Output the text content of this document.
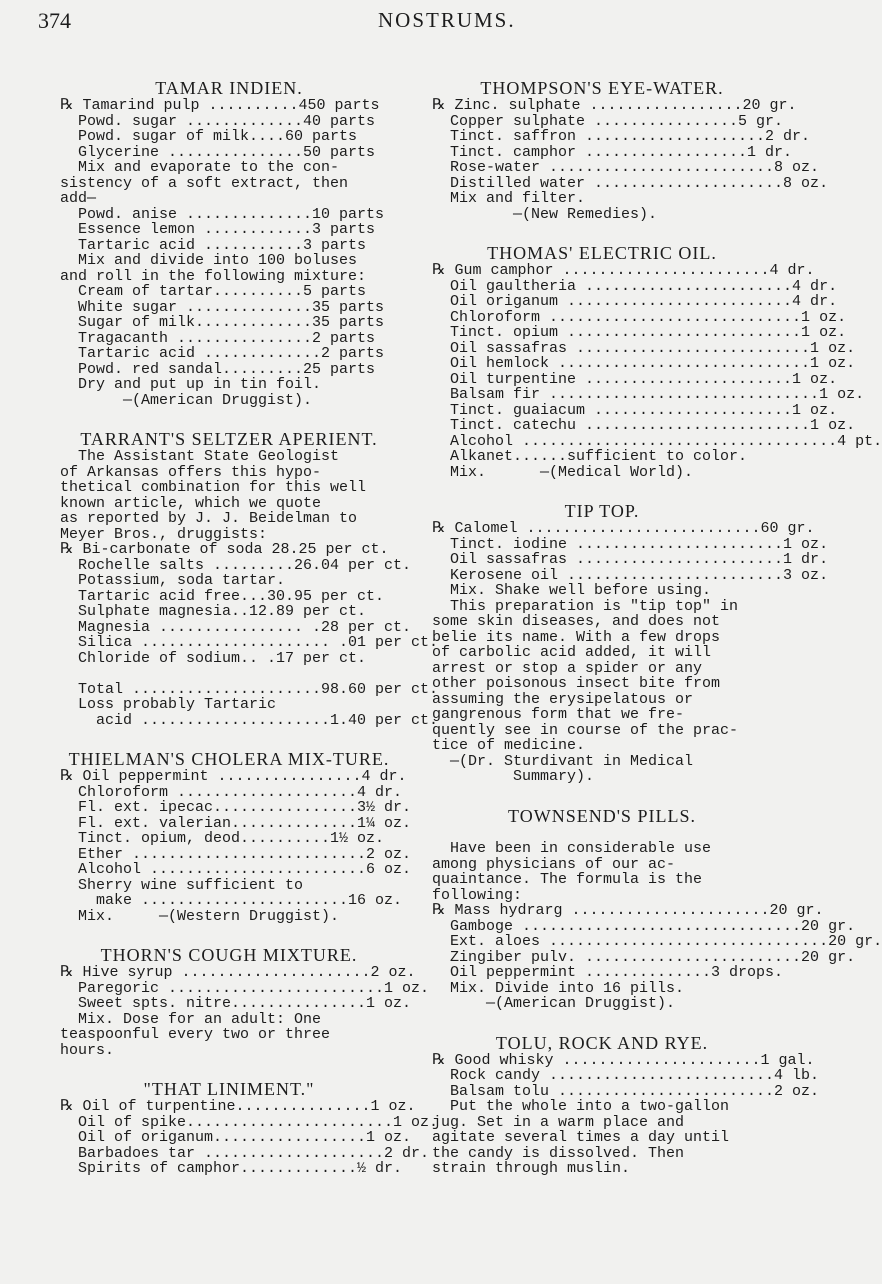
374	NOSTRUMS.
TAMAR INDIEN.
℞ Tamarind pulp ..........450 parts
Powd. sugar .............40 parts
Powd. sugar of milk....60 parts
Glycerine ...............50 parts
Mix and evaporate to the con-
sistency of a soft extract, then
add—
Powd. anise ..............10 parts
Essence lemon ............3 parts
Tartaric acid ...........3 parts
Mix and divide into 100 boluses
and roll in the following mixture:
Cream of tartar..........5 parts
White sugar ..............35 parts
Sugar of milk.............35 parts
Tragacanth ...............2 parts
Tartaric acid .............2 parts
Powd. red sandal.........25 parts
Dry and put up in tin foil.
—(American Druggist).
TARRANT'S SELTZER APERIENT.
The Assistant State Geologist
of Arkansas offers this hypo-
thetical combination for this well
known article, which we quote
as reported by J. J. Beidelman to
Meyer Bros., druggists:
℞ Bi-carbonate of soda 28.25 per ct.
Rochelle salts .........26.04 per ct.
Potassium, soda tartar.
Tartaric acid free...30.95 per ct.
Sulphate magnesia..12.89 per ct.
Magnesia ................ .28 per ct.
Silica ..................... .01 per ct.
Chloride of sodium.. .17 per ct.

Total .....................98.60 per ct.
Loss probably Tartaric
acid .....................1.40 per ct.
THIELMAN'S CHOLERA MIX-TURE.
℞ Oil peppermint ................4 dr.
Chloroform ....................4 dr.
Fl. ext. ipecac................3½ dr.
Fl. ext. valerian..............1¼ oz.
Tinct. opium, deod..........1½ oz.
Ether ..........................2 oz.
Alcohol ........................6 oz.
Sherry wine sufficient to
make .......................16 oz.
Mix.     —(Western Druggist).
THORN'S COUGH MIXTURE.
℞ Hive syrup .....................2 oz.
Paregoric ........................1 oz.
Sweet spts. nitre...............1 oz.
Mix. Dose for an adult: One
teaspoonful every two or three
hours.
"THAT LINIMENT."
℞ Oil of turpentine...............1 oz.
Oil of spike.......................1 oz.
Oil of origanum.................1 oz.
Barbadoes tar ....................2 dr.
Spirits of camphor.............½ dr.
THOMPSON'S EYE-WATER.
℞ Zinc. sulphate .................20 gr.
Copper sulphate ................5 gr.
Tinct. saffron ....................2 dr.
Tinct. camphor ..................1 dr.
Rose-water .........................8 oz.
Distilled water .....................8 oz.
Mix and filter.
—(New Remedies).
THOMAS' ELECTRIC OIL.
℞ Gum camphor .......................4 dr.
Oil gaultheria .......................4 dr.
Oil origanum .........................4 dr.
Chloroform ............................1 oz.
Tinct. opium ..........................1 oz.
Oil sassafras ..........................1 oz.
Oil hemlock ............................1 oz.
Oil turpentine .......................1 oz.
Balsam fir ..............................1 oz.
Tinct. guaiacum ......................1 oz.
Tinct. catechu .........................1 oz.
Alcohol ...................................4 pt.
Alkanet......sufficient to color.
Mix.      —(Medical World).
TIP TOP.
℞ Calomel ..........................60 gr.
Tinct. iodine .......................1 oz.
Oil sassafras .......................1 dr.
Kerosene oil ........................3 oz.
Mix. Shake well before using.
This preparation is "tip top" in
some skin diseases, and does not
belie its name. With a few drops
of carbolic acid added, it will
arrest or stop a spider or any
other poisonous insect bite from
assuming the erysipelatous or
gangrenous form that we fre-
quently see in course of the prac-
tice of medicine.
—(Dr. Sturdivant in Medical
Summary).
TOWNSEND'S PILLS.

Have been in considerable use
among physicians of our ac-
quaintance. The formula is the
following:
℞ Mass hydrarg ......................20 gr.
Gamboge ...............................20 gr.
Ext. aloes ...............................20 gr.
Zingiber pulv. ........................20 gr.
Oil peppermint ..............3 drops.
Mix. Divide into 16 pills.
—(American Druggist).
TOLU, ROCK AND RYE.
℞ Good whisky ......................1 gal.
Rock candy .........................4 lb.
Balsam tolu ........................2 oz.
Put the whole into a two-gallon
jug. Set in a warm place and
agitate several times a day until
the candy is dissolved. Then
strain through muslin.
